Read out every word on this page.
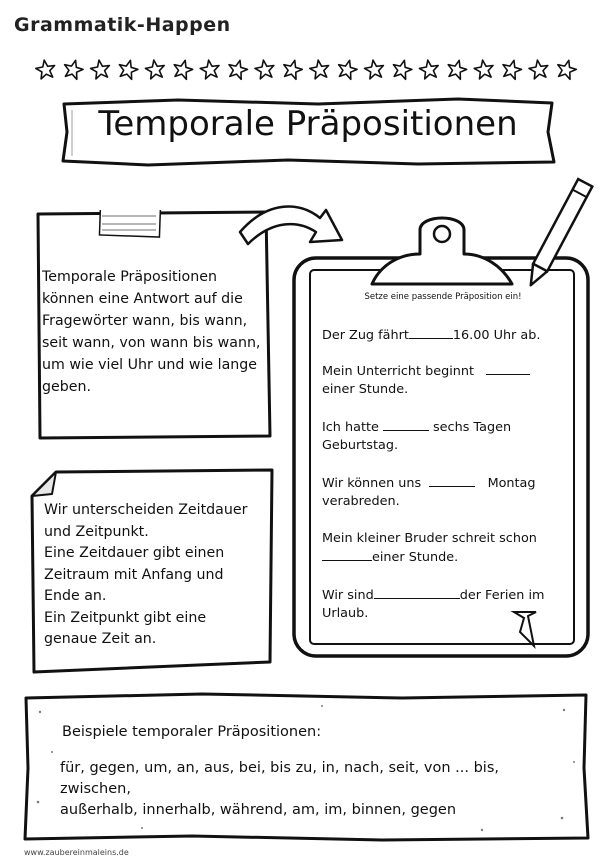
Grammatik-Happen
Temporale Präpositionen

Temporale Präpositionen

können eine Antwort auf die

Fragewörter wann, bis wann,

seit wann, von wann bis wann,

um wie viel Uhr und wie lange

geben.

Wir unterscheiden Zeitdauer

und Zeitpunkt.

Eine Zeitdauer gibt einen

Zeitraum mit Anfang und

Ende an.

Ein Zeitpunkt gibt eine

genaue Zeit an.

Setze eine passende Präposition ein!
Der Zug fährt	16.00 Uhr ab.
Mein Unterricht beginnt
einer Stunde.
Ich hatte	sechs Tagen
Geburtstag.
Wir können uns	Montag
verabreden.
Mein kleiner Bruder schreit schon
einer Stunde.
Wir sind	der Ferien im
Urlaub.
Beispiele temporaler Präpositionen:

für, gegen, um, an, aus, bei, bis zu, in, nach, seit, von ... bis, zwischen,

außerhalb, innerhalb, während, am, im, binnen, gegen

www.zaubereinmaleins.de
